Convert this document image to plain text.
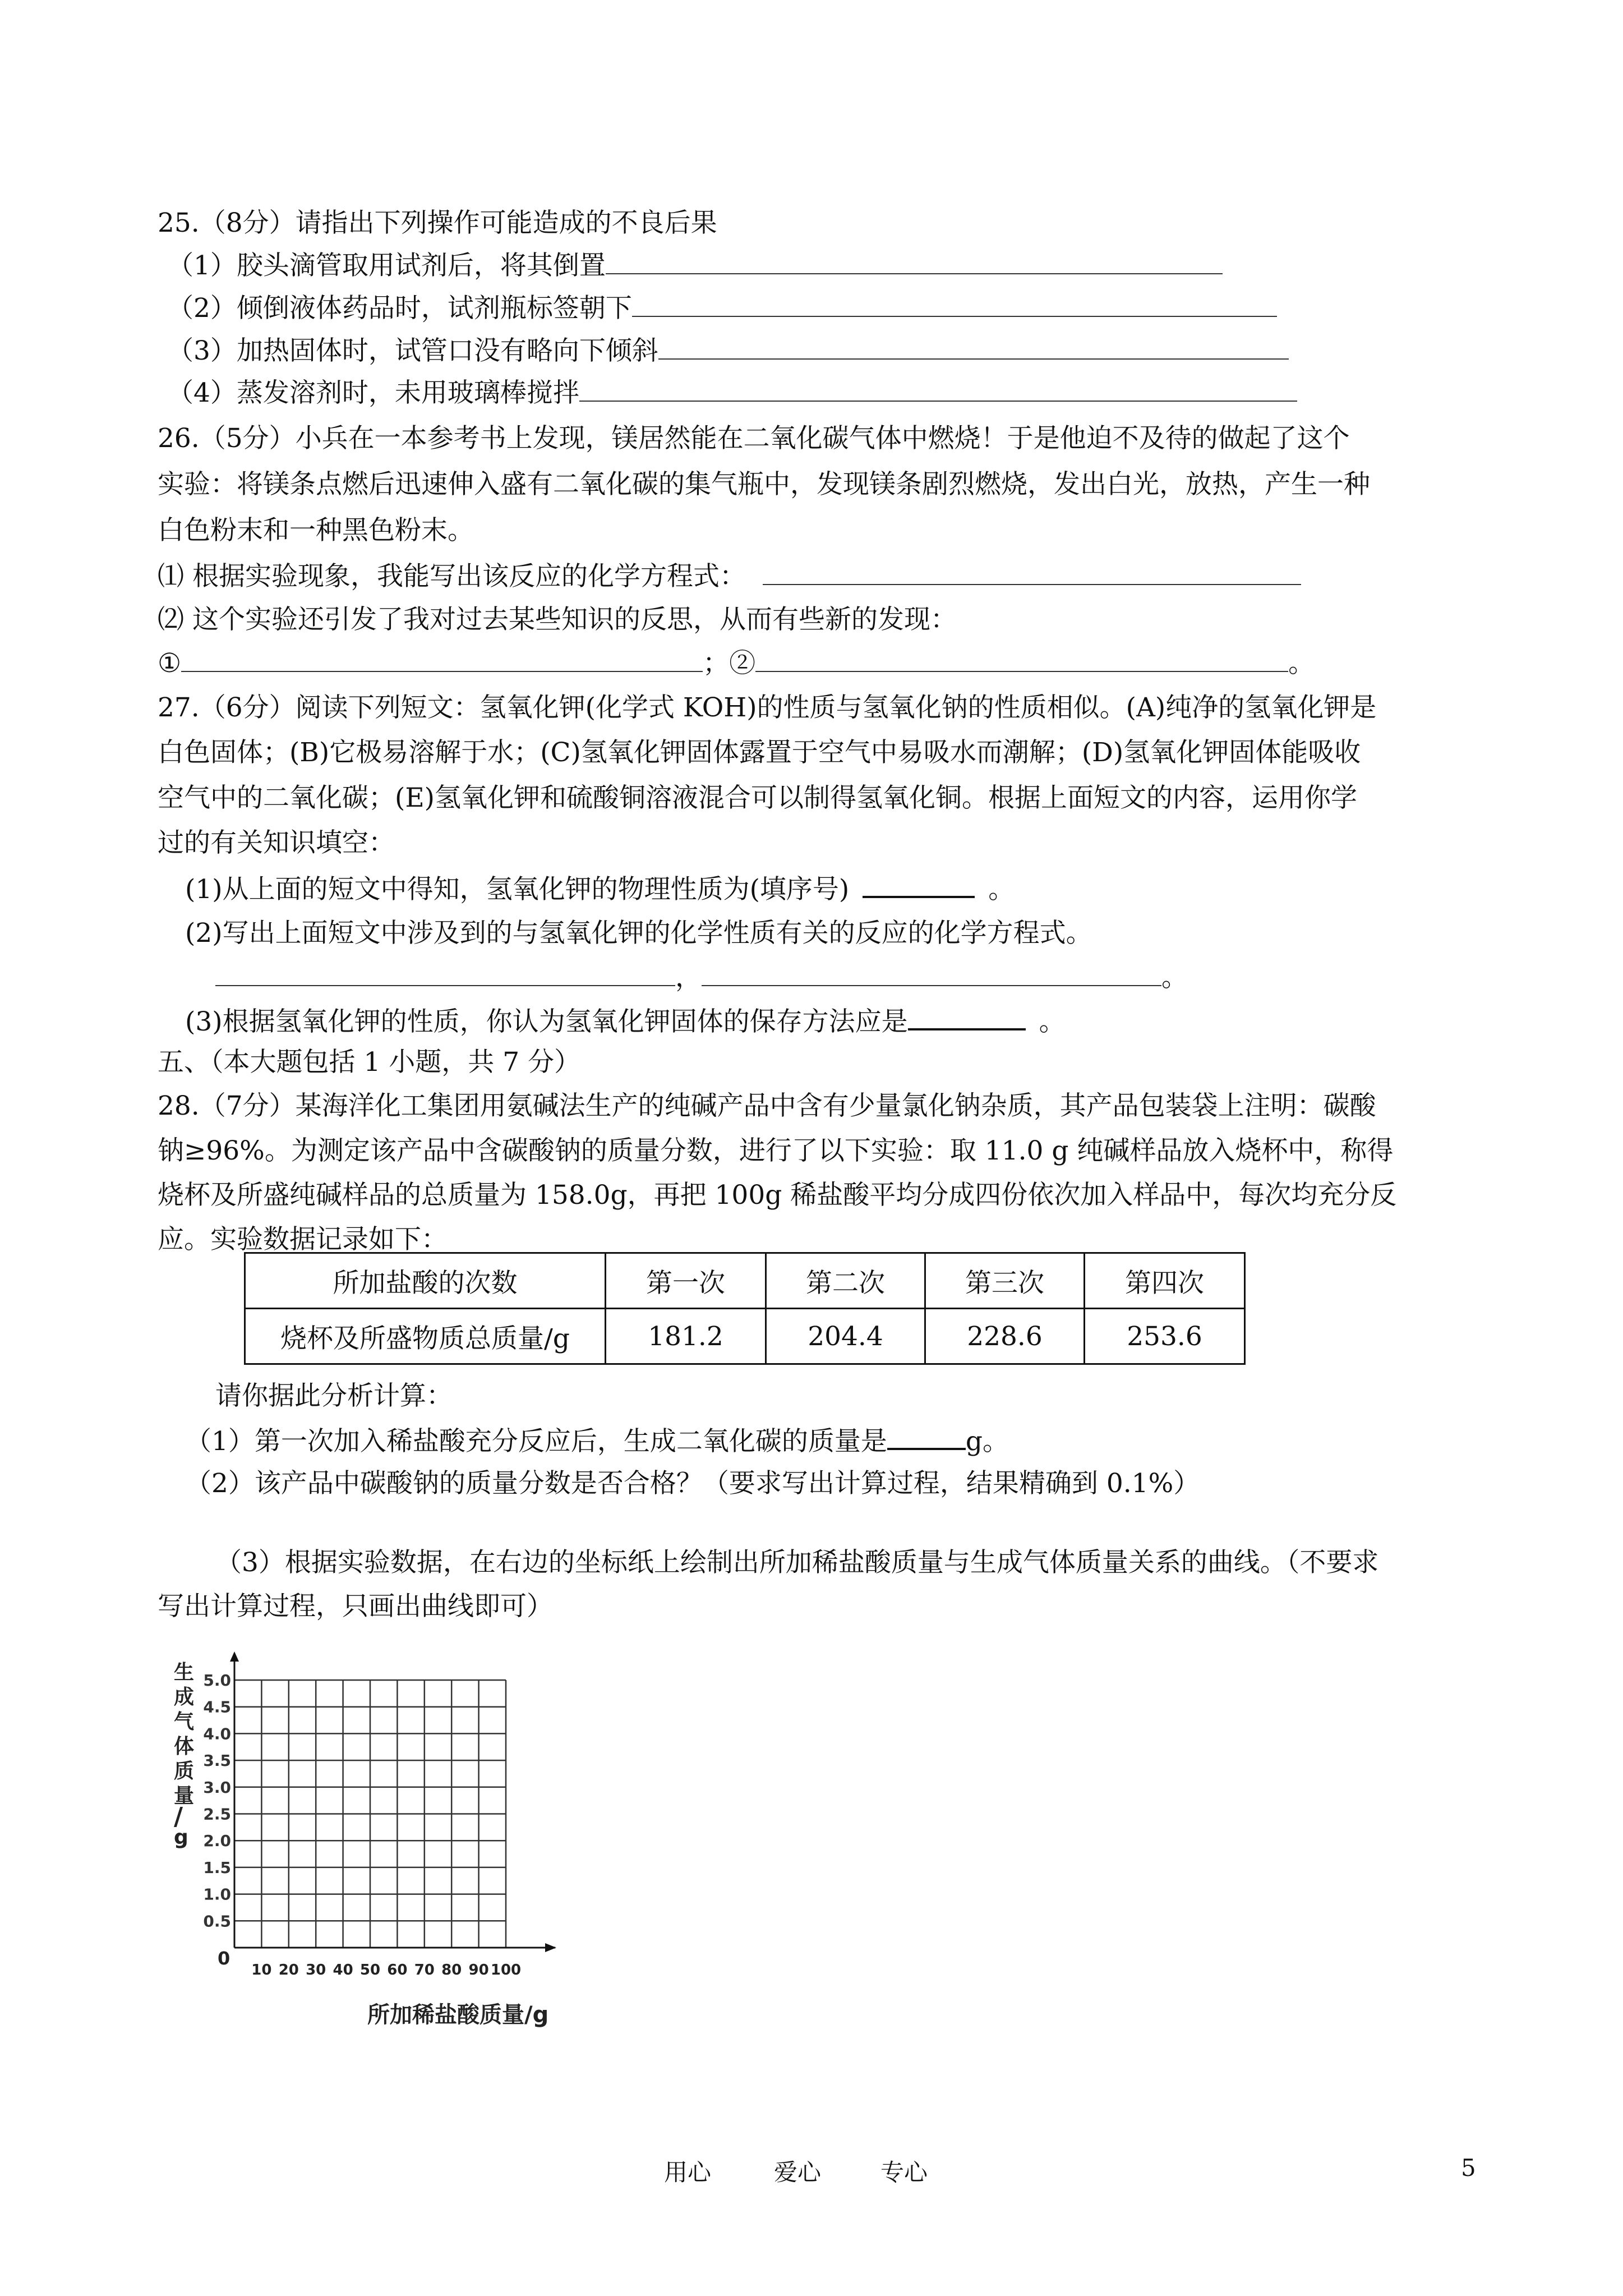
25.（8分）请指出下列操作可能造成的不良后果
（1）胶头滴管取用试剂后，将其倒置
（2）倾倒液体药品时，试剂瓶标签朝下
（3）加热固体时，试管口没有略向下倾斜
（4）蒸发溶剂时，未用玻璃棒搅拌
26.（5分）小兵在一本参考书上发现，镁居然能在二氧化碳气体中燃烧！于是他迫不及待的做起了这个
实验：将镁条点燃后迅速伸入盛有二氧化碳的集气瓶中，发现镁条剧烈燃烧，发出白光，放热，产生一种
白色粉末和一种黑色粉末。
⑴ 根据实验现象，我能写出该反应的化学方程式：
⑵ 这个实验还引发了我对过去某些知识的反思，从而有些新的发现：
①	；②	。
27.（6分）阅读下列短文：氢氧化钾(化学式 KOH)的性质与氢氧化钠的性质相似。(A)纯净的氢氧化钾是
白色固体；(B)它极易溶解于水；(C)氢氧化钾固体露置于空气中易吸水而潮解；(D)氢氧化钾固体能吸收
空气中的二氧化碳；(E)氢氧化钾和硫酸铜溶液混合可以制得氢氧化铜。根据上面短文的内容，运用你学
过的有关知识填空：
(1)从上面的短文中得知，氢氧化钾的物理性质为(填序号)	。
(2)写出上面短文中涉及到的与氢氧化钾的化学性质有关的反应的化学方程式。
，	。
(3)根据氢氧化钾的性质，你认为氢氧化钾固体的保存方法应是	。
五、（本大题包括 1 小题，共 7 分）
28.（7分）某海洋化工集团用氨碱法生产的纯碱产品中含有少量氯化钠杂质，其产品包装袋上注明：碳酸
钠≥96%。为测定该产品中含碳酸钠的质量分数，进行了以下实验：取 11.0 g 纯碱样品放入烧杯中，称得
烧杯及所盛纯碱样品的总质量为 158.0g，再把 100g 稀盐酸平均分成四份依次加入样品中，每次均充分反
应。实验数据记录如下：
所加盐酸的次数	第一次	第二次	第三次	第四次
烧杯及所盛物质总质量/g	181.2	204.4	228.6	253.6
请你据此分析计算：
（1）第一次加入稀盐酸充分反应后，生成二氧化碳的质量是	g。
（2）该产品中碳酸钠的质量分数是否合格？（要求写出计算过程，结果精确到 0.1%）
（3）根据实验数据，在右边的坐标纸上绘制出所加稀盐酸质量与生成气体质量关系的曲线。（不要求
写出计算过程，只画出曲线即可）
生
成
气
体
质
量
/
g
0.5
1.0
1.5
2.0
2.5
3.0
3.5
4.0
4.5
5.0
10 20 30 40 50 60 70 80 90 100
0
所加稀盐酸质量/g
用心	爱心	专心	5
